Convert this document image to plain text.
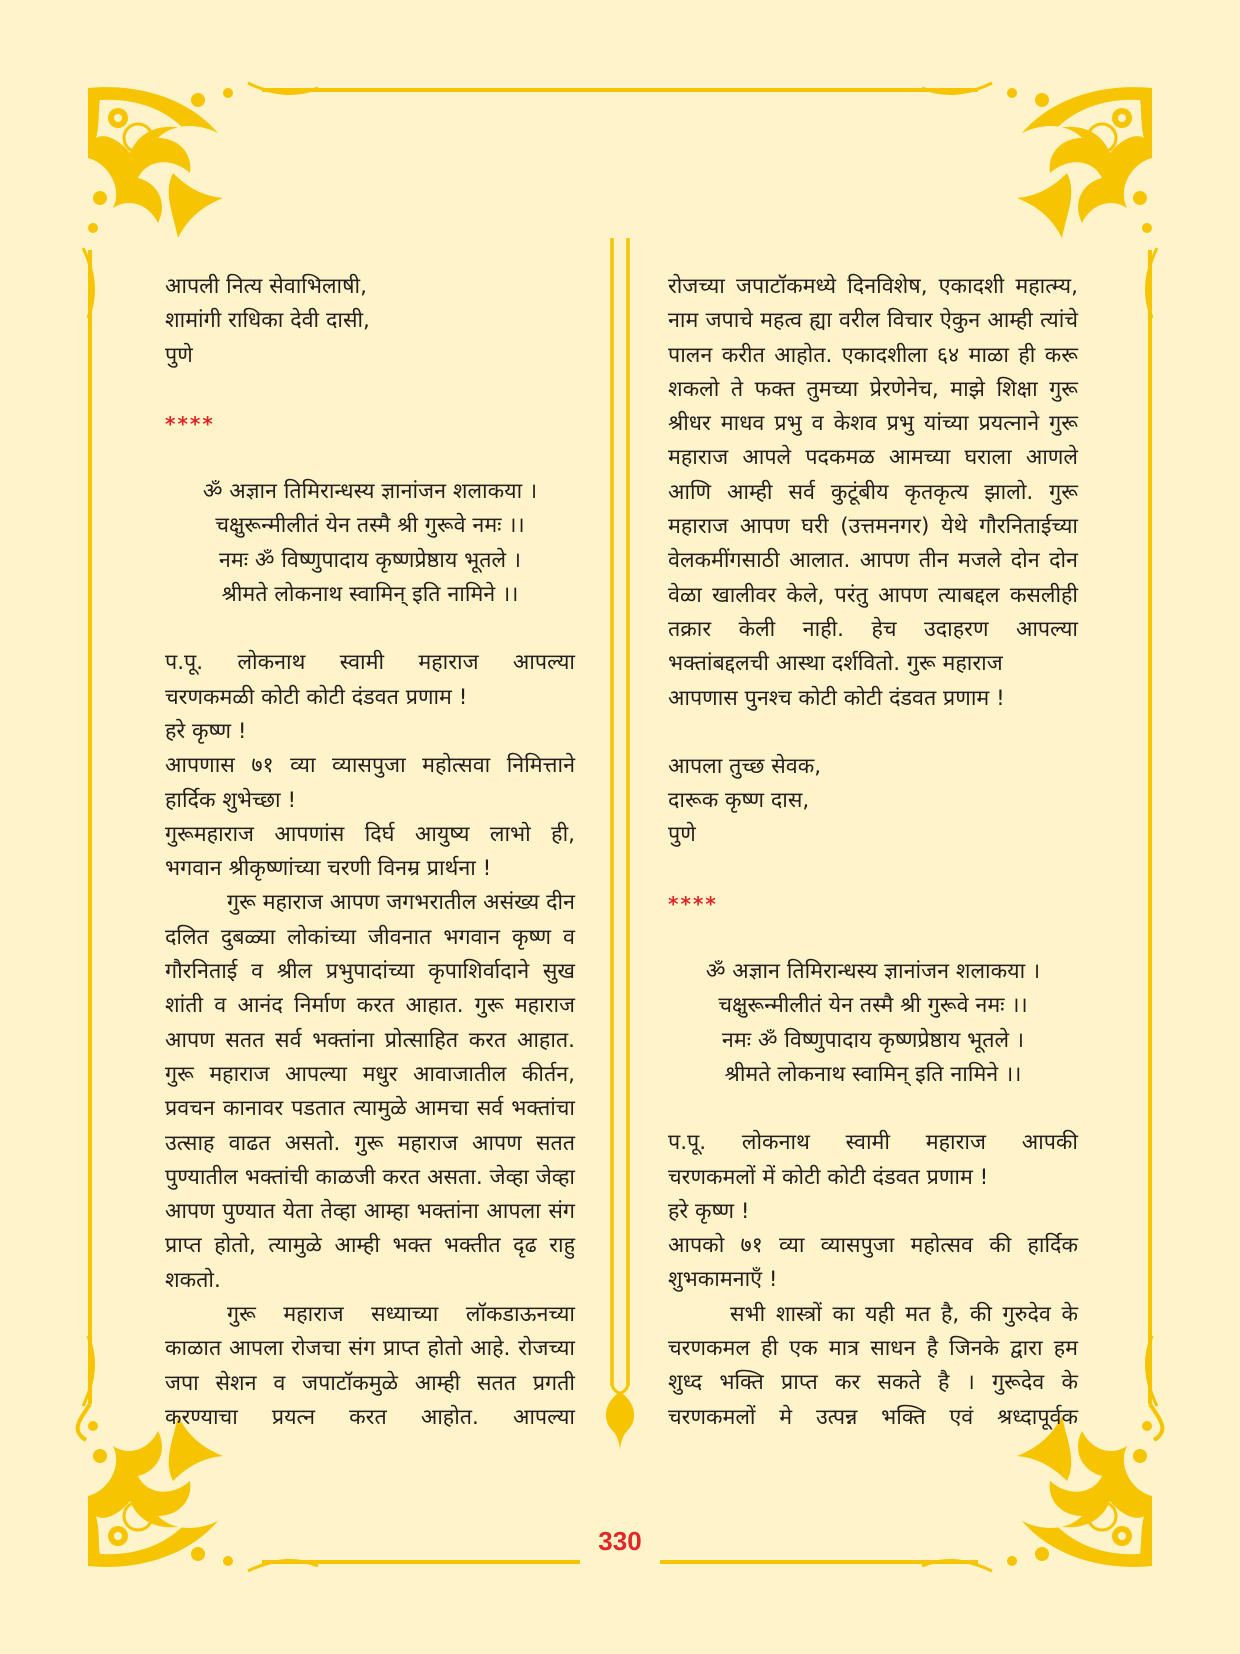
आपली नित्य सेवाभिलाषी,

शामांगी राधिका देवी दासी,

पुणे

****

ॐ अज्ञान तिमिरान्धस्य ज्ञानांजन शलाकया ।

चक्षुरून्मीलीतं येन तस्मै श्री गुरूवे नमः ।।

नमः ॐ विष्णुपादाय कृष्णप्रेष्ठाय भूतले ।

श्रीमते लोकनाथ स्वामिन् इति नामिने ।।

प.पू. लोकनाथ स्वामी महाराज आपल्या

चरणकमळी कोटी कोटी दंडवत प्रणाम !

हरे कृष्ण !

आपणास ७१ व्या व्यासपुजा महोत्सवा निमित्ताने

हार्दिक शुभेच्छा !

गुरूमहाराज आपणांस दिर्घ आयुष्य लाभो ही,

भगवान श्रीकृष्णांच्या चरणी विनम्र प्रार्थना !

गुरू महाराज आपण जगभरातील असंख्य दीन दलित दुबळ्या लोकांच्या जीवनात भगवान कृष्ण व गौरनिताई व श्रील प्रभुपादांच्या कृपाशिर्वादाने सुख शांती व आनंद निर्माण करत आहात. गुरू महाराज आपण सतत सर्व भक्तांना प्रोत्साहित करत आहात. गुरू महाराज आपल्या मधुर आवाजातील कीर्तन, प्रवचन कानावर पडतात त्यामुळे आमचा सर्व भक्तांचा उत्साह वाढत असतो. गुरू महाराज आपण सतत पुण्यातील भक्तांची काळजी करत असता. जेव्हा जेव्हा आपण पुण्यात येता तेव्हा आम्हा भक्तांना आपला संग प्राप्त होतो, त्यामुळे आम्ही भक्त भक्तीत दृढ राहु शकतो.

गुरू महाराज सध्याच्या लॉकडाऊनच्या काळात आपला रोजचा संग प्राप्त होतो आहे. रोजच्या जपा सेशन व जपाटॉकमुळे आम्ही सतत प्रगती करण्याचा प्रयत्न करत आहोत. आपल्या

रोजच्या जपाटॉकमध्ये दिनविशेष, एकादशी महात्म्य, नाम जपाचे महत्व ह्या वरील विचार ऐकुन आम्ही त्यांचे पालन करीत आहोत. एकादशीला ६४ माळा ही करू शकलो ते फक्त तुमच्या प्रेरणेनेच, माझे शिक्षा गुरू श्रीधर माधव प्रभु व केशव प्रभु यांच्या प्रयत्नाने गुरू महाराज आपले पदकमळ आमच्या घराला आणले आणि आम्ही सर्व कुटूंबीय कृतकृत्य झालो. गुरू महाराज आपण घरी (उत्तमनगर) येथे गौरनिताईच्या वेलकमींगसाठी आलात. आपण तीन मजले दोन दोन वेळा खालीवर केले, परंतु आपण त्याबद्दल कसलीही तक्रार केली नाही. हेच उदाहरण आपल्या भक्तांबद्दलची आस्था दर्शवितो. गुरू महाराज

आपणास पुनश्च कोटी कोटी दंडवत प्रणाम !

आपला तुच्छ सेवक,

दारूक कृष्ण दास,

पुणे

****

ॐ अज्ञान तिमिरान्धस्य ज्ञानांजन शलाकया ।

चक्षुरून्मीलीतं येन तस्मै श्री गुरूवे नमः ।।

नमः ॐ विष्णुपादाय कृष्णप्रेष्ठाय भूतले ।

श्रीमते लोकनाथ स्वामिन् इति नामिने ।।

प.पू. लोकनाथ स्वामी महाराज आपकी

चरणकमलों में कोटी कोटी दंडवत प्रणाम !

हरे कृष्ण !

आपको ७१ व्या व्यासपुजा महोत्सव की हार्दिक

शुभकामनाएँ !

सभी शास्त्रों का यही मत है, की गुरुदेव के चरणकमल ही एक मात्र साधन है जिनके द्वारा हम शुध्द भक्ति प्राप्त कर सकते है । गुरूदेव के चरणकमलों मे उत्पन्न भक्ति एवं श्रध्दापूर्वक

330
